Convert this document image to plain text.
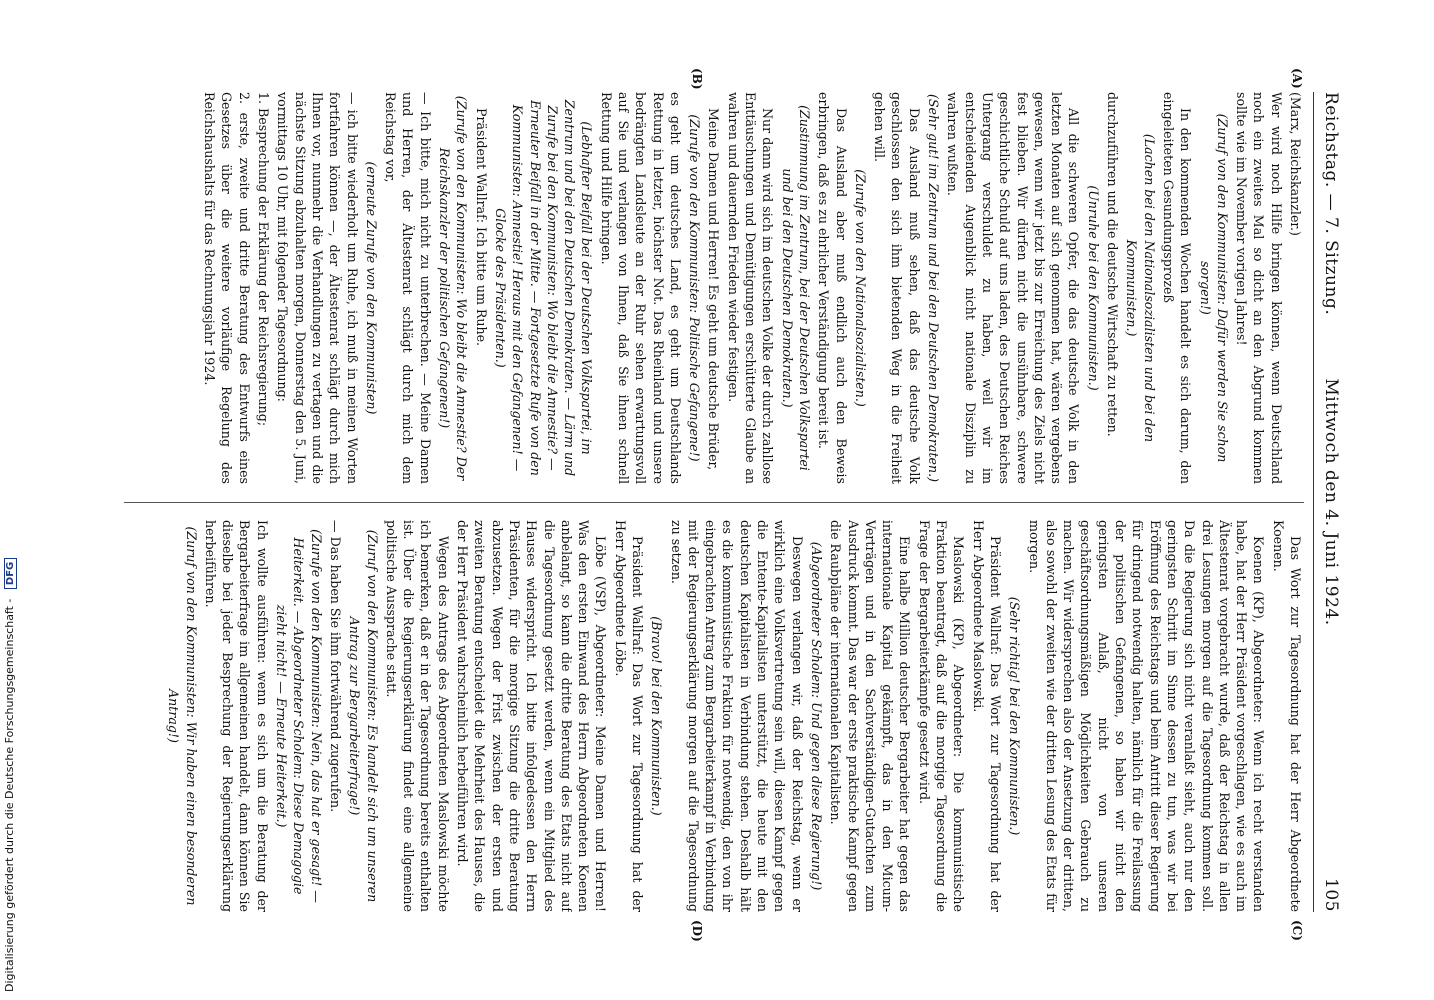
Reichstag. — 7. Sitzung.
Mittwoch den 4. Juni 1924.
105
(A)
(B)
(C)
(D)

(Marx, Reichskanzler.)

Wer wird noch Hilfe bringen können, wenn Deutschland noch ein zweites Mal so dicht an den Abgrund kommen sollte wie im November vorigen Jahres!

(Zuruf von den Kommunisten: Dafür werden Sie schon sorgen!)

In den kommenden Wochen handelt es sich darum, den eingeleiteten Gesundungsprozeß

(Lachen bei den Nationalsozialisten und bei den Kommunisten.)

durchzuführen und die deutsche Wirtschaft zu retten.

(Unruhe bei den Kommunisten.)

All die schweren Opfer, die das deutsche Volk in den letzten Monaten auf sich genommen hat, wären vergebens gewesen, wenn wir jetzt bis zur Erreichung des Ziels nicht fest blieben. Wir dürfen nicht die unsühnbare, schwere geschichtliche Schuld auf uns laden, des Deutschen Reiches Untergang verschuldet zu haben, weil wir im entscheidenden Augenblick nicht nationale Disziplin zu wahren wußten.

(Sehr gut! im Zentrum und bei den Deutschen Demokraten.)

Das Ausland muß sehen, daß das deutsche Volk geschlossen den sich ihm bietenden Weg in die Freiheit gehen will.

(Zurufe von den Nationalsozialisten.)

Das Ausland aber muß endlich auch den Beweis erbringen, daß es zu ehrlicher Verständigung bereit ist.

(Zustimmung im Zentrum, bei der Deutschen Volkspartei und bei den Deutschen Demokraten.)

Nur dann wird sich im deutschen Volke der durch zahllose Enttäuschungen und Demütigungen erschütterte Glaube an wahren und dauernden Frieden wieder festigen.

Meine Damen und Herren! Es geht um deutsche Brüder,

(Zurufe von den Kommunisten: Politische Gefangene!)

es geht um deutsches Land, es geht um Deutschlands Rettung in letzter, höchster Not. Das Rheinland und unsere bedrängten Landsleute an der Ruhr sehen erwartungsvoll auf Sie und verlangen von Ihnen, daß Sie ihnen schnell Rettung und Hilfe bringen.

(Lebhafter Beifall bei der Deutschen Volkspartei, im Zentrum und bei den Deutschen Demokraten. — Lärm und Zurufe bei den Kommunisten: Wo bleibt die Amnestie? — Erneuter Beifall in der Mitte. — Fortgesetzte Rufe von den Kommunisten: Amnestie! Heraus mit den Gefangenen! — Glocke des Präsidenten.)

Präsident Wallraf: Ich bitte um Ruhe.

(Zurufe von den Kommunisten: Wo bleibt die Amnestie? Der Reichskanzler der politischen Gefangenen!)

— Ich bitte, mich nicht zu unterbrechen. — Meine Damen und Herren, der Ältestenrat schlägt durch mich dem Reichstag vor,

(erneute Zurufe von den Kommunisten)

— ich bitte wiederholt um Ruhe, ich muß in meinen Worten fortfahren können —, der Ältestenrat schlägt durch mich Ihnen vor, nunmehr die Verhandlungen zu vertagen und die nächste Sitzung abzuhalten morgen, Donnerstag den 5. Juni, vormittags 10 Uhr, mit folgender Tagesordnung:

1. Besprechung der Erklärung der Reichsregierung;

2. erste, zweite und dritte Beratung des Entwurfs eines Gesetzes über die weitere vorläufige Regelung des Reichshaushalts für das Rechnungsjahr 1924.

Das Wort zur Tagesordnung hat der Herr Abgeordnete Koenen.

Koenen (KP), Abgeordneter: Wenn ich recht verstanden habe, hat der Herr Präsident vorgeschlagen, wie es auch im Ältestenrat vorgebracht wurde, daß der Reichstag in allen drei Lesungen morgen auf die Tagesordnung kommen soll. Da die Regierung sich nicht veranlaßt sieht, auch nur den geringsten Schritt im Sinne dessen zu tun, was wir bei Eröffnung des Reichstags und beim Antritt dieser Regierung für dringend notwendig halten, nämlich für die Freilassung der politischen Gefangenen, so haben wir nicht den geringsten Anlaß, nicht von unseren geschäftsordnungsmäßigen Möglichkeiten Gebrauch zu machen. Wir widersprechen also der Ansetzung der dritten, also sowohl der zweiten wie der dritten Lesung des Etats für morgen.

(Sehr richtig! bei den Kommunisten.)

Präsident Wallraf: Das Wort zur Tagesordnung hat der Herr Abgeordnete Maslowski.

Maslowski (KP), Abgeordneter: Die kommunistische Fraktion beantragt, daß auf die morgige Tagesordnung die Frage der Bergarbeiterkämpfe gesetzt wird.

Eine halbe Million deutscher Bergarbeiter hat gegen das internationale Kapital gekämpft, das in den Micum-Verträgen und in den Sachverständigen-Gutachten zum Ausdruck kommt. Das war der erste praktische Kampf gegen die Raubpläne der internationalen Kapitalisten.

(Abgeordneter Scholem: Und gegen diese Regierung!)

Deswegen verlangen wir, daß der Reichstag, wenn er wirklich eine Volksvertretung sein will, diesen Kampf gegen die Entente-Kapitalisten unterstützt, die heute mit den deutschen Kapitalisten in Verbindung stehen. Deshalb hält es die kommunistische Fraktion für notwendig, den von ihr eingebrachten Antrag zum Bergarbeiterkampf in Verbindung mit der Regierungserklärung morgen auf die Tagesordnung zu setzen.

(Bravo! bei den Kommunisten.)

Präsident Wallraf: Das Wort zur Tagesordnung hat der Herr Abgeordnete Löbe.

Löbe (VSP), Abgeordneter: Meine Damen und Herren! Was den ersten Einwand des Herrn Abgeordneten Koenen anbelangt, so kann die dritte Beratung des Etats nicht auf die Tagesordnung gesetzt werden, wenn ein Mitglied des Hauses widerspricht. Ich bitte infolgedessen den Herrn Präsidenten, für die morgige Sitzung die dritte Beratung abzusetzen. Wegen der Frist zwischen der ersten und zweiten Beratung entscheidet die Mehrheit des Hauses, die der Herr Präsident wahrscheinlich herbeiführen wird.

Wegen des Antrags des Abgeordneten Maslowski möchte ich bemerken, daß er in der Tagesordnung bereits enthalten ist. Über die Regierungserklärung findet eine allgemeine politische Aussprache statt.

(Zuruf von den Kommunisten: Es handelt sich um unseren Antrag zur Bergarbeiterfrage!)

— Das haben Sie ihm fortwährend zugerufen.

(Zurufe von den Kommunisten: Nein, das hat er gesagt! — Heiterkeit. — Abgeordneter Scholem: Diese Demagogie zieht nicht! — Erneute Heiterkeit.)

Ich wollte ausführen: wenn es sich um die Beratung der Bergarbeiterfrage im allgemeinen handelt, dann können Sie dieselbe bei jeder Besprechung der Regierungserklärung herbeiführen.

(Zuruf von den Kommunisten: Wir haben einen besonderen Antrag!)

Digitalisierung gefördert durch die Deutsche Forschungsgemeinschaft - DFG
